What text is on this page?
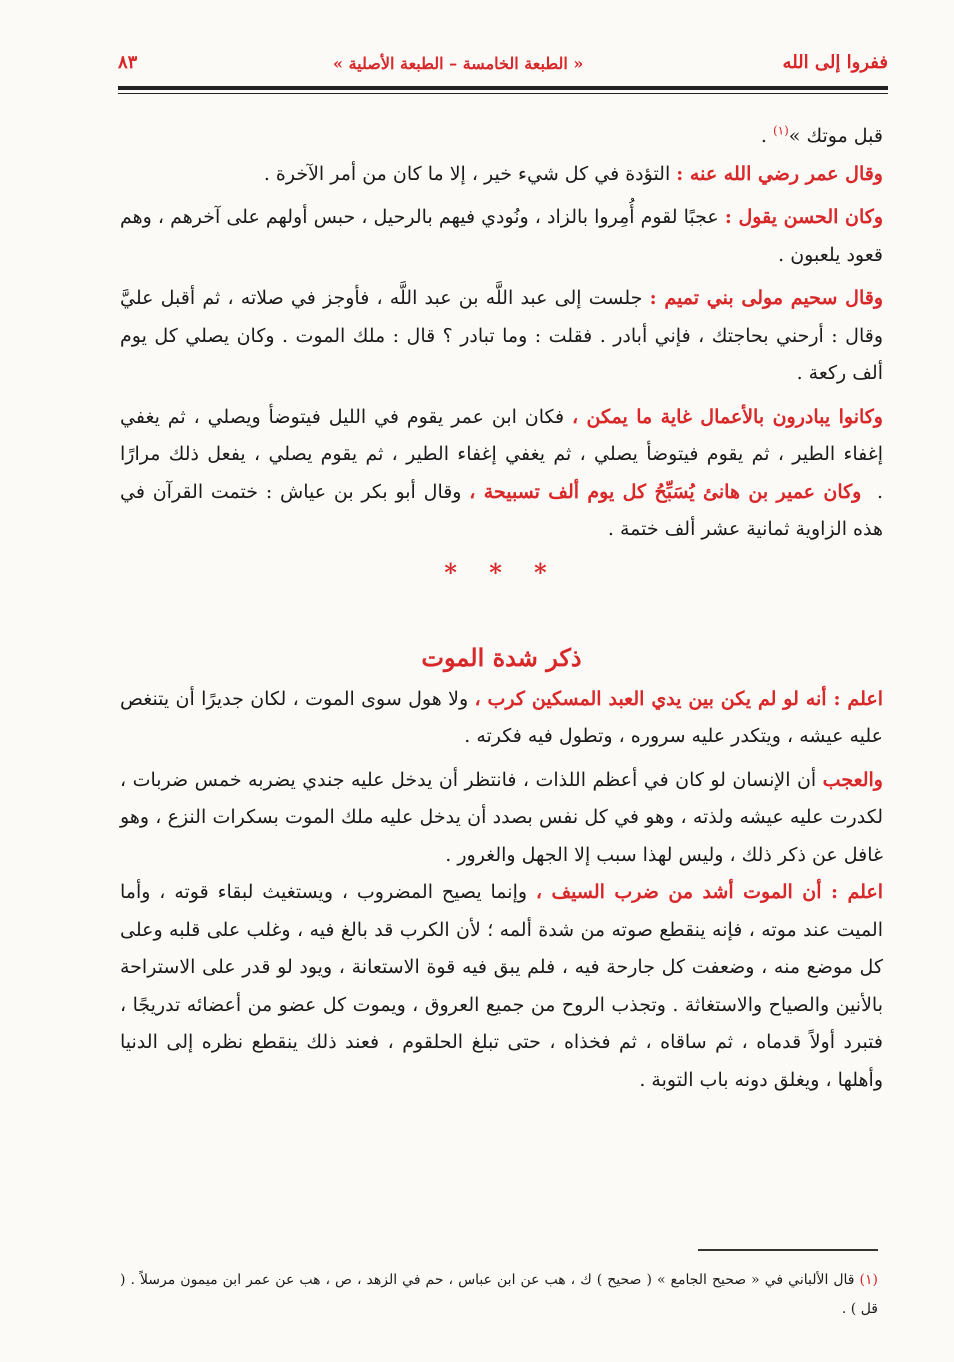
ففروا إلى الله
« الطبعة الخامسة – الطبعة الأصلية »
٨٣

قبل موتك »$^{(١)}$ .

وقال عمر رضي الله عنه : التؤدة في كل شيء خير ، إلا ما كان من أمر الآخرة .

وكان الحسن يقول : عجبًا لقوم أُمِروا بالزاد ، ونُودي فيهم بالرحيل ، حبس أولهم على آخرهم ، وهم قعود يلعبون .

وقال سحيم مولى بني تميم : جلست إلى عبد اللَّه بن عبد اللَّه ، فأوجز في صلاته ، ثم أقبل عليَّ وقال : أرحني بحاجتك ، فإني أبادر . فقلت : وما تبادر ؟ قال : ملك الموت . وكان يصلي كل يوم ألف ركعة .

وكانوا يبادرون بالأعمال غاية ما يمكن ، فكان ابن عمر يقوم في الليل فيتوضأ ويصلي ، ثم يغفي إغفاء الطير ، ثم يقوم فيتوضأ يصلي ، ثم يغفي إغفاء الطير ، ثم يقوم يصلي ، يفعل ذلك مرارًا .  وكان عمير بن هانئ يُسَبِّحُ كل يوم ألف تسبيحة ، وقال أبو بكر بن عياش : ختمت القرآن في هذه الزاوية ثمانية عشر ألف ختمة .

* * *
ذكر شدة الموت

اعلم : أنه لو لم يكن بين يدي العبد المسكين كرب ، ولا هول سوى الموت ، لكان جديرًا أن يتنغص عليه عيشه ، ويتكدر عليه سروره ، وتطول فيه فكرته .

والعجب أن الإنسان لو كان في أعظم اللذات ، فانتظر أن يدخل عليه جندي يضربه خمس ضربات ، لكدرت عليه عيشه ولذته ، وهو في كل نفس بصدد أن يدخل عليه ملك الموت بسكرات النزع ، وهو غافل عن ذكر ذلك ، وليس لهذا سبب إلا الجهل والغرور .

اعلم : أن الموت أشد من ضرب السيف ، وإنما يصيح المضروب ، ويستغيث لبقاء قوته ، وأما الميت عند موته ، فإنه ينقطع صوته من شدة ألمه ؛ لأن الكرب قد بالغ فيه ، وغلب على قلبه وعلى كل موضع منه ، وضعفت كل جارحة فيه ، فلم يبق فيه قوة الاستعانة ، ويود لو قدر على الاستراحة بالأنين والصياح والاستغاثة . وتجذب الروح من جميع العروق ، ويموت كل عضو من أعضائه تدريجًا ، فتبرد أولاً قدماه ، ثم ساقاه ، ثم فخذاه ، حتى تبلغ الحلقوم ، فعند ذلك ينقطع نظره إلى الدنيا وأهلها ، ويغلق دونه باب التوبة .

(١) قال الألباني في « صحيح الجامع » ( صحيح ) ك ، هب عن ابن عباس ، حم في الزهد ، ص ، هب عن عمر ابن ميمون مرسلاً . ( قل ) .
